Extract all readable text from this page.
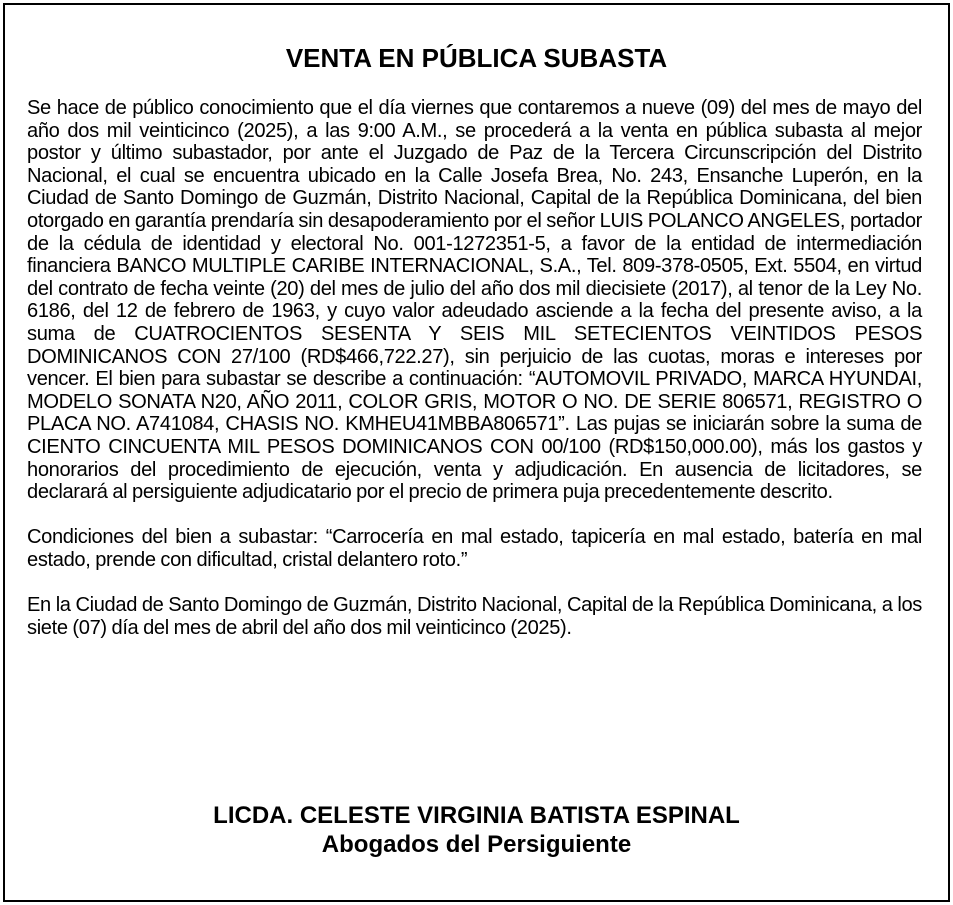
VENTA EN PÚBLICA SUBASTA

Se hace de público conocimiento que el día viernes que contaremos a nueve (09) del mes de mayo del año dos mil veinticinco (2025), a las 9:00 A.M., se procederá a la venta en pública subasta al mejor postor y último subastador, por ante el Juzgado de Paz de la Tercera Circunscripción del Distrito Nacional, el cual se encuentra ubicado en la Calle Josefa Brea, No. 243, Ensanche Luperón, en la Ciudad de Santo Domingo de Guzmán, Distrito Nacional, Capital de la República Dominicana, del bien otorgado en garantía prendaría sin desapoderamiento por el señor LUIS POLANCO ANGELES, portador de la cédula de identidad y electoral No. 001-1272351-5, a favor de la entidad de intermediación financiera BANCO MULTIPLE CARIBE INTERNACIONAL, S.A., Tel. 809-378-0505, Ext. 5504, en virtud del contrato de fecha veinte (20) del mes de julio del año dos mil diecisiete (2017), al tenor de la Ley No. 6186, del 12 de febrero de 1963, y cuyo valor adeudado asciende a la fecha del presente aviso, a la suma de CUATROCIENTOS SESENTA Y SEIS MIL SETECIENTOS VEINTIDOS PESOS DOMINICANOS CON 27/100 (RD$466,722.27), sin perjuicio de las cuotas, moras e intereses por vencer. El bien para subastar se describe a continuación: “AUTOMOVIL PRIVADO, MARCA HYUNDAI, MODELO SONATA N20, AÑO 2011, COLOR GRIS, MOTOR O NO. DE SERIE 806571, REGISTRO O PLACA NO. A741084, CHASIS NO. KMHEU41MBBA806571”. Las pujas se iniciarán sobre la suma de CIENTO CINCUENTA MIL PESOS DOMINICANOS CON 00/100 (RD$150,000.00), más los gastos y honorarios del procedimiento de ejecución, venta y adjudicación. En ausencia de licitadores, se declarará al persiguiente adjudicatario por el precio de primera puja precedentemente descrito.

Condiciones del bien a subastar: “Carrocería en mal estado, tapicería en mal estado, batería en mal estado, prende con dificultad, cristal delantero roto.”

En la Ciudad de Santo Domingo de Guzmán, Distrito Nacional, Capital de la República Dominicana, a los siete (07) día del mes de abril del año dos mil veinticinco (2025).

LICDA. CELESTE VIRGINIA BATISTA ESPINAL
Abogados del Persiguiente
